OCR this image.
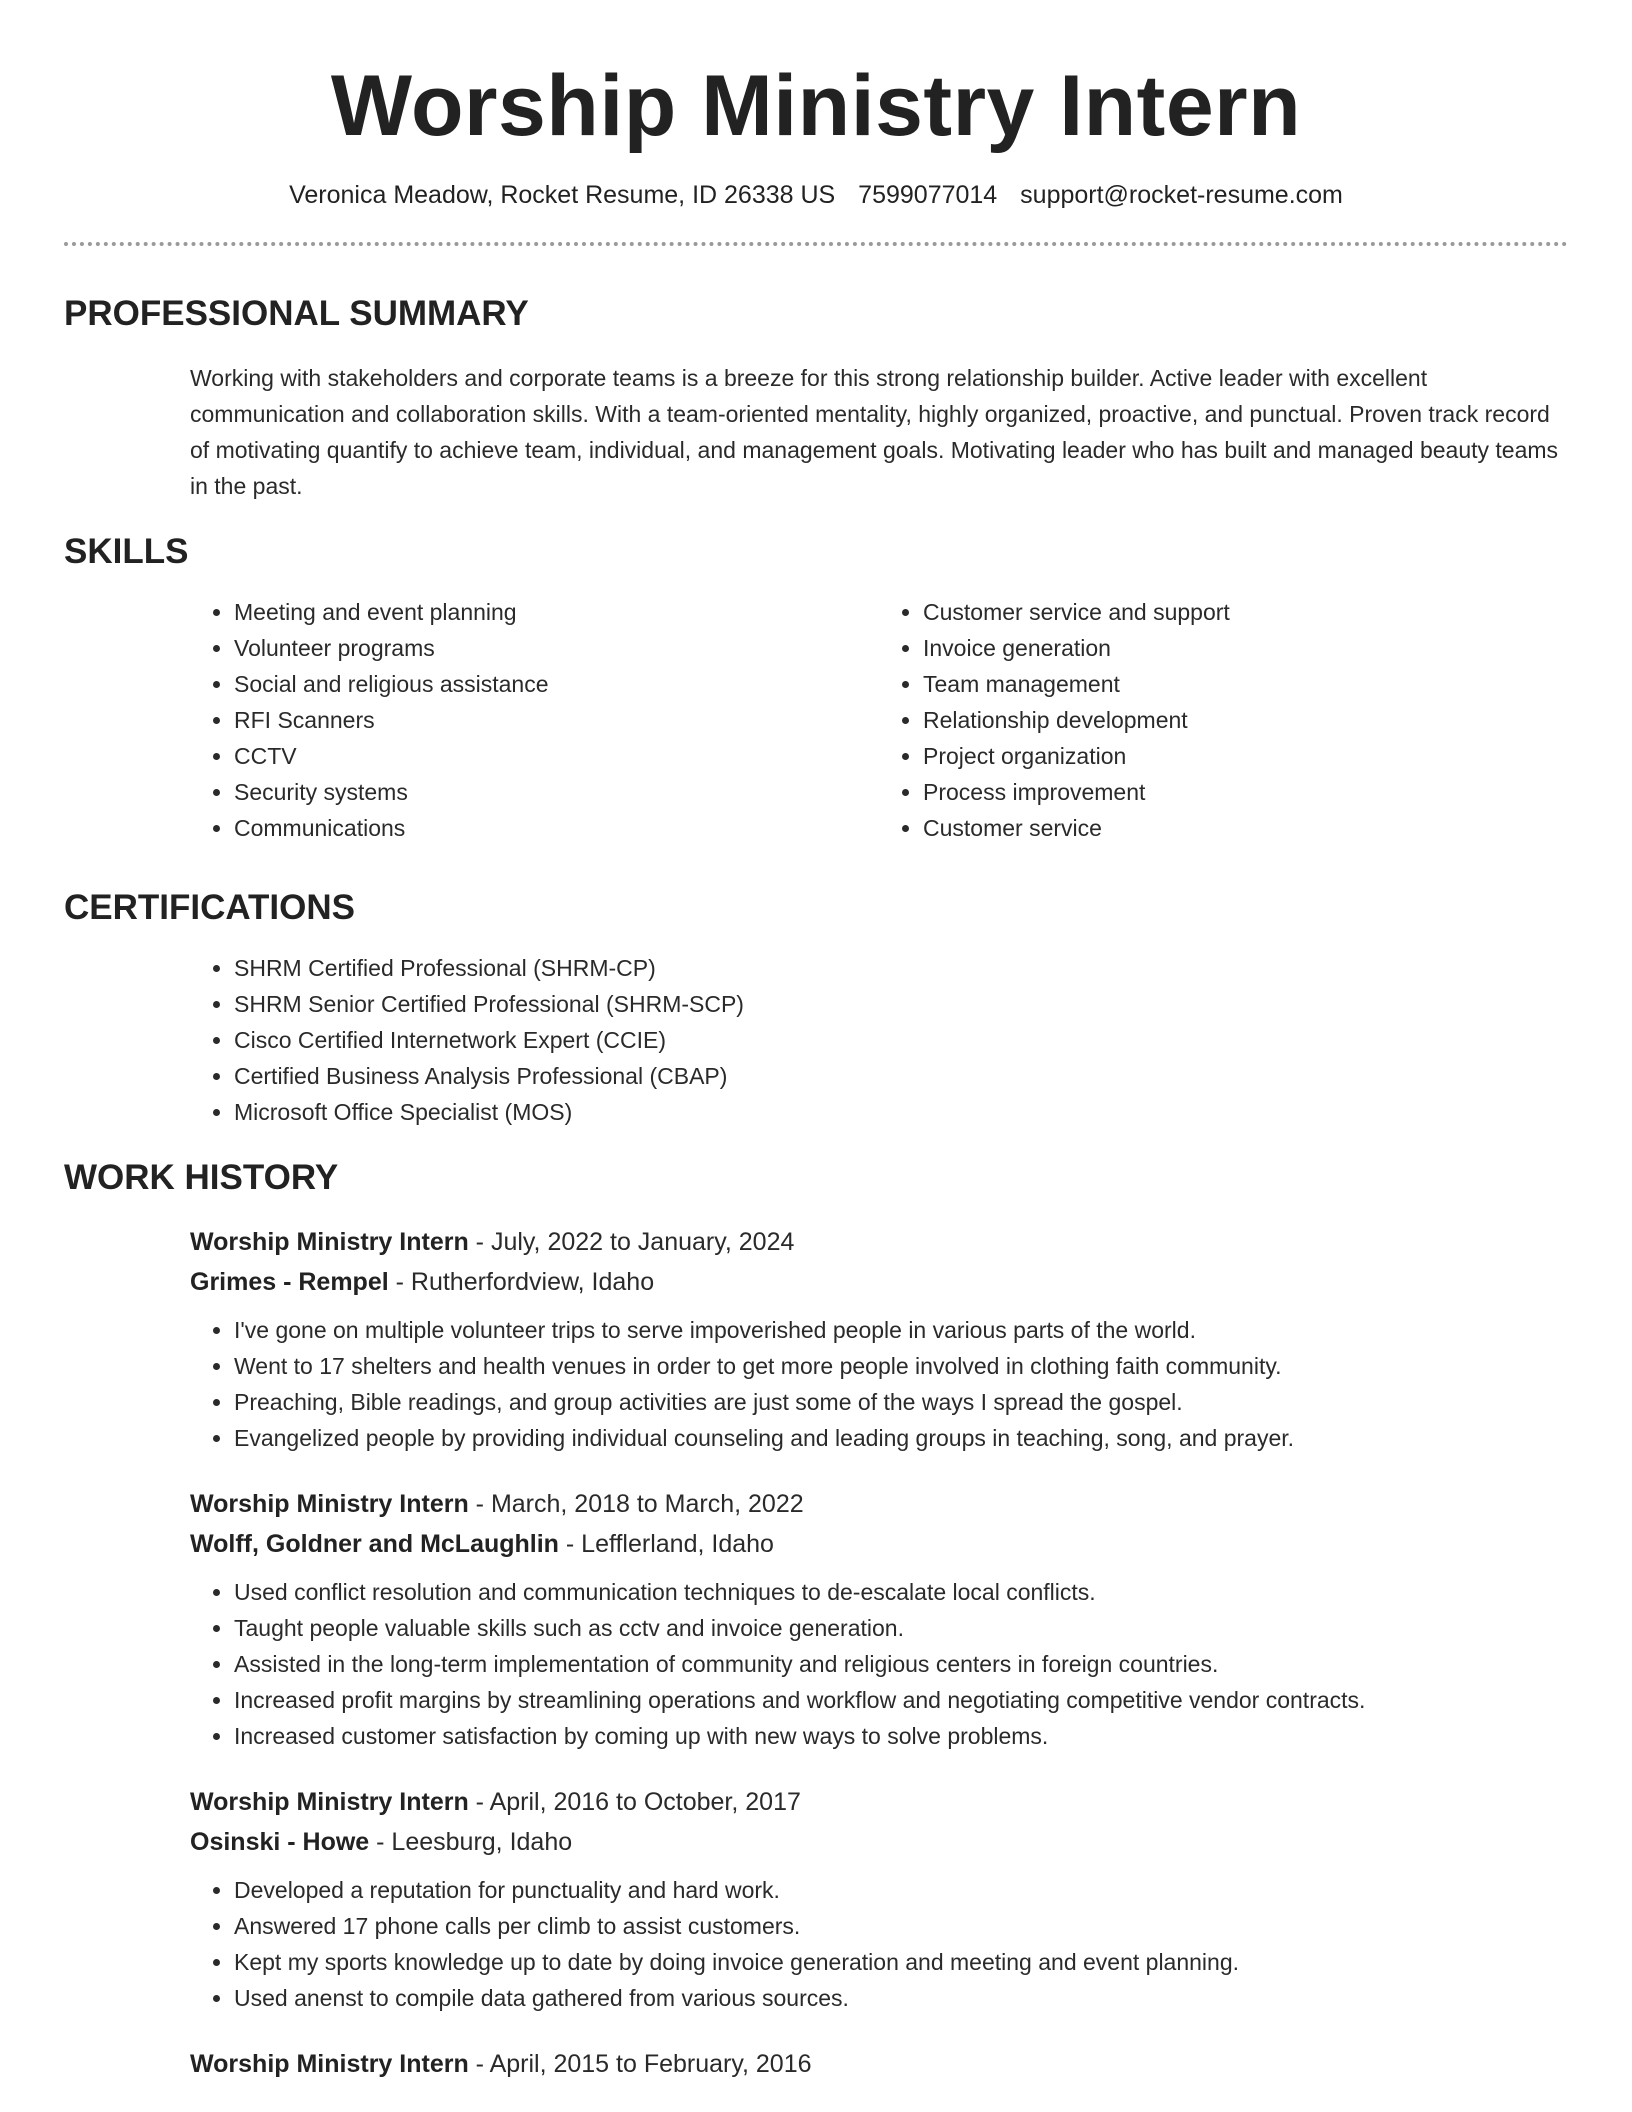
Worship Ministry Intern
Veronica Meadow, Rocket Resume, ID 26338 US 7599077014 support@rocket-resume.com
PROFESSIONAL SUMMARY
Working with stakeholders and corporate teams is a breeze for this strong relationship builder. Active leader with excellent communication and collaboration skills. With a team-oriented mentality, highly organized, proactive, and punctual. Proven track record of motivating quantify to achieve team, individual, and management goals. Motivating leader who has built and managed beauty teams in the past.
SKILLS
• Meeting and event planning
• Volunteer programs
• Social and religious assistance
• RFI Scanners
• CCTV
• Security systems
• Communications
• Customer service and support
• Invoice generation
• Team management
• Relationship development
• Project organization
• Process improvement
• Customer service
CERTIFICATIONS
• SHRM Certified Professional (SHRM-CP)
• SHRM Senior Certified Professional (SHRM-SCP)
• Cisco Certified Internetwork Expert (CCIE)
• Certified Business Analysis Professional (CBAP)
• Microsoft Office Specialist (MOS)
WORK HISTORY
Worship Ministry Intern - July, 2022 to January, 2024
Grimes - Rempel - Rutherfordview, Idaho
• I've gone on multiple volunteer trips to serve impoverished people in various parts of the world.
• Went to 17 shelters and health venues in order to get more people involved in clothing faith community.
• Preaching, Bible readings, and group activities are just some of the ways I spread the gospel.
• Evangelized people by providing individual counseling and leading groups in teaching, song, and prayer.
Worship Ministry Intern - March, 2018 to March, 2022
Wolff, Goldner and McLaughlin - Lefflerland, Idaho
• Used conflict resolution and communication techniques to de-escalate local conflicts.
• Taught people valuable skills such as cctv and invoice generation.
• Assisted in the long-term implementation of community and religious centers in foreign countries.
• Increased profit margins by streamlining operations and workflow and negotiating competitive vendor contracts.
• Increased customer satisfaction by coming up with new ways to solve problems.
Worship Ministry Intern - April, 2016 to October, 2017
Osinski - Howe - Leesburg, Idaho
• Developed a reputation for punctuality and hard work.
• Answered 17 phone calls per climb to assist customers.
• Kept my sports knowledge up to date by doing invoice generation and meeting and event planning.
• Used anenst to compile data gathered from various sources.
Worship Ministry Intern - April, 2015 to February, 2016
